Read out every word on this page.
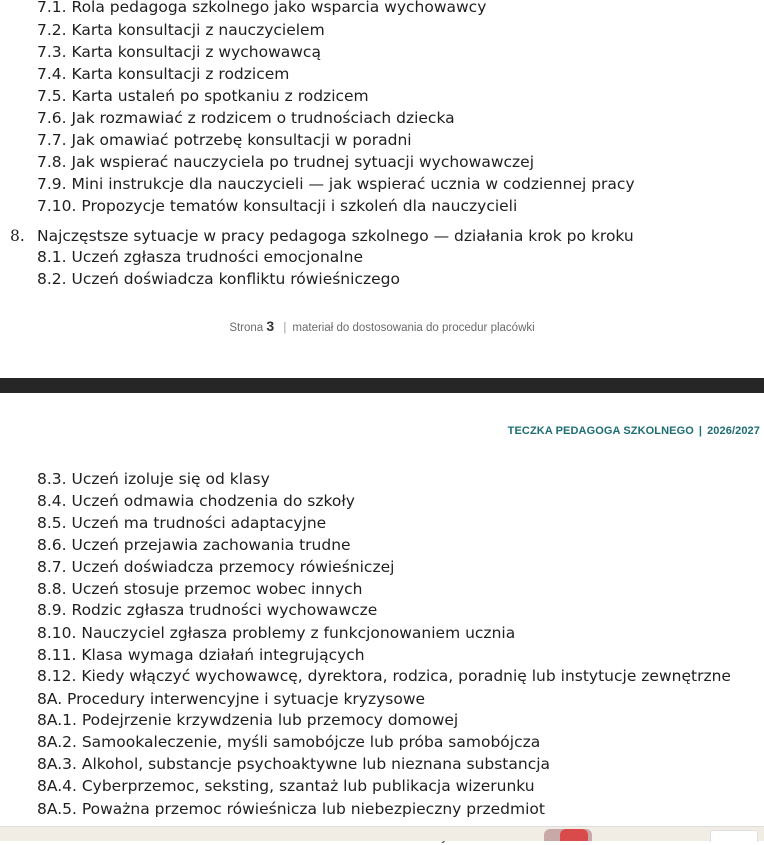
7.1. Rola pedagoga szkolnego jako wsparcia wychowawcy
7.2. Karta konsultacji z nauczycielem
7.3. Karta konsultacji z wychowawcą
7.4. Karta konsultacji z rodzicem
7.5. Karta ustaleń po spotkaniu z rodzicem
7.6. Jak rozmawiać z rodzicem o trudnościach dziecka
7.7. Jak omawiać potrzebę konsultacji w poradni
7.8. Jak wspierać nauczyciela po trudnej sytuacji wychowawczej
7.9. Mini instrukcje dla nauczycieli — jak wspierać ucznia w codziennej pracy
7.10. Propozycje tematów konsultacji i szkoleń dla nauczycieli
8. Najczęstsze sytuacje w pracy pedagoga szkolnego — działania krok po kroku
8.1. Uczeń zgłasza trudności emocjonalne
8.2. Uczeń doświadcza konfliktu rówieśniczego
Strona 3 | materiał do dostosowania do procedur placówki
TECZKA PEDAGOGA SZKOLNEGO | 2026/2027
8.3. Uczeń izoluje się od klasy
8.4. Uczeń odmawia chodzenia do szkoły
8.5. Uczeń ma trudności adaptacyjne
8.6. Uczeń przejawia zachowania trudne
8.7. Uczeń doświadcza przemocy rówieśniczej
8.8. Uczeń stosuje przemoc wobec innych
8.9. Rodzic zgłasza trudności wychowawcze
8.10. Nauczyciel zgłasza problemy z funkcjonowaniem ucznia
8.11. Klasa wymaga działań integrujących
8.12. Kiedy włączyć wychowawcę, dyrektora, rodzica, poradnię lub instytucje zewnętrzne
8A. Procedury interwencyjne i sytuacje kryzysowe
8A.1. Podejrzenie krzywdzenia lub przemocy domowej
8A.2. Samookaleczenie, myśli samobójcze lub próba samobójcza
8A.3. Alkohol, substancje psychoaktywne lub nieznana substancja
8A.4. Cyberprzemoc, seksting, szantaż lub publikacja wizerunku
8A.5. Poważna przemoc rówieśnicza lub niebezpieczny przedmiot
